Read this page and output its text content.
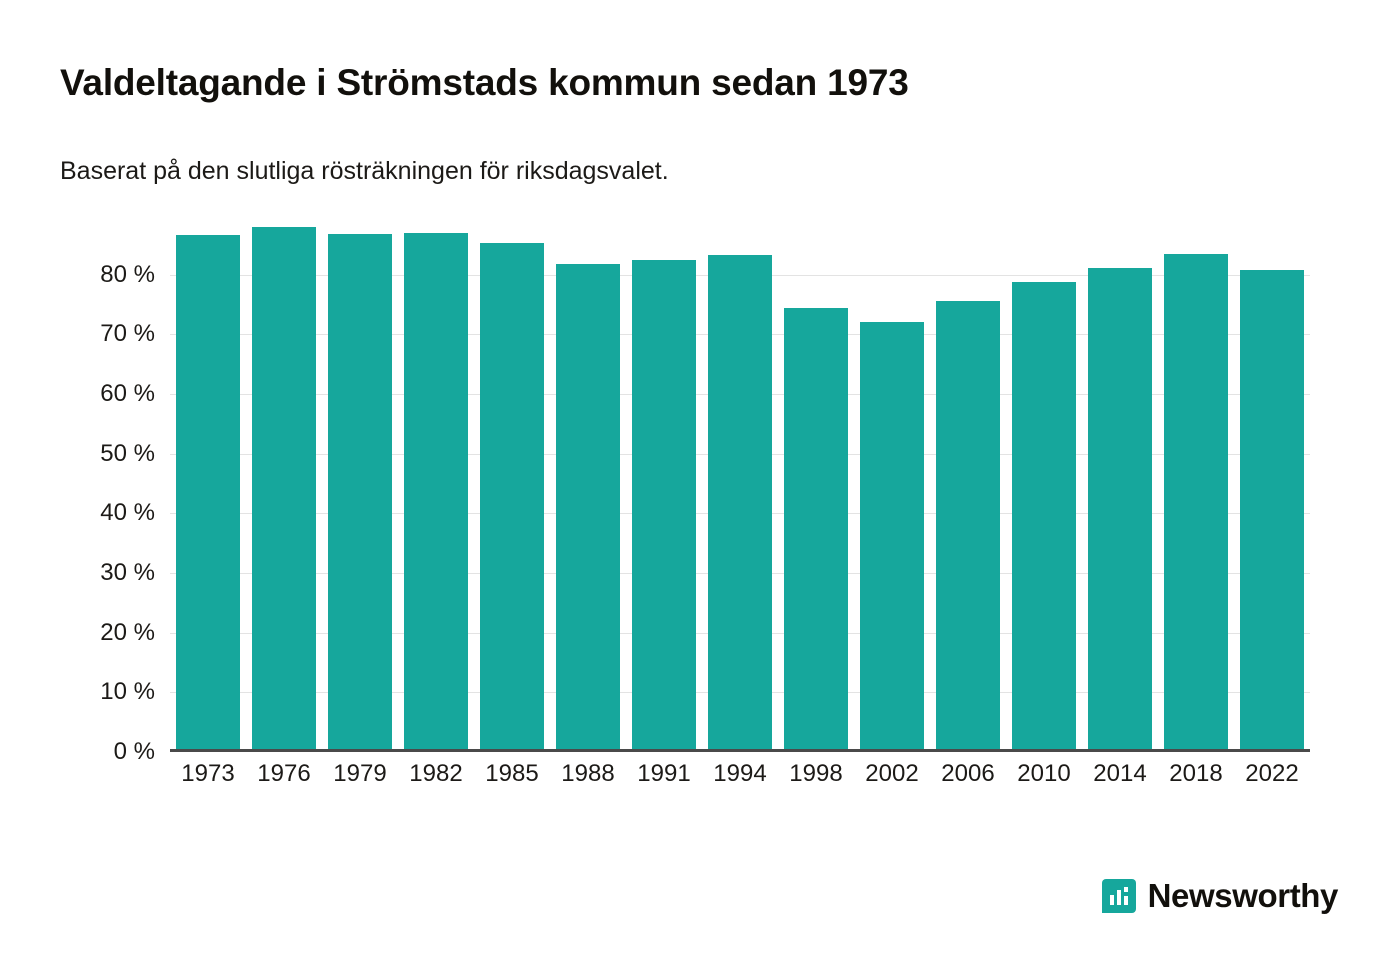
Valdeltagande i Strömstads kommun sedan 1973
Baserat på den slutliga rösträkningen för riksdagsvalet.
0 %
10 %
20 %
30 %
40 %
50 %
60 %
70 %
80 %
1973 1976 1979 1982 1985 1988 1991 1994 1998 2002 2006 2010 2014 2018 2022
Newsworthy
